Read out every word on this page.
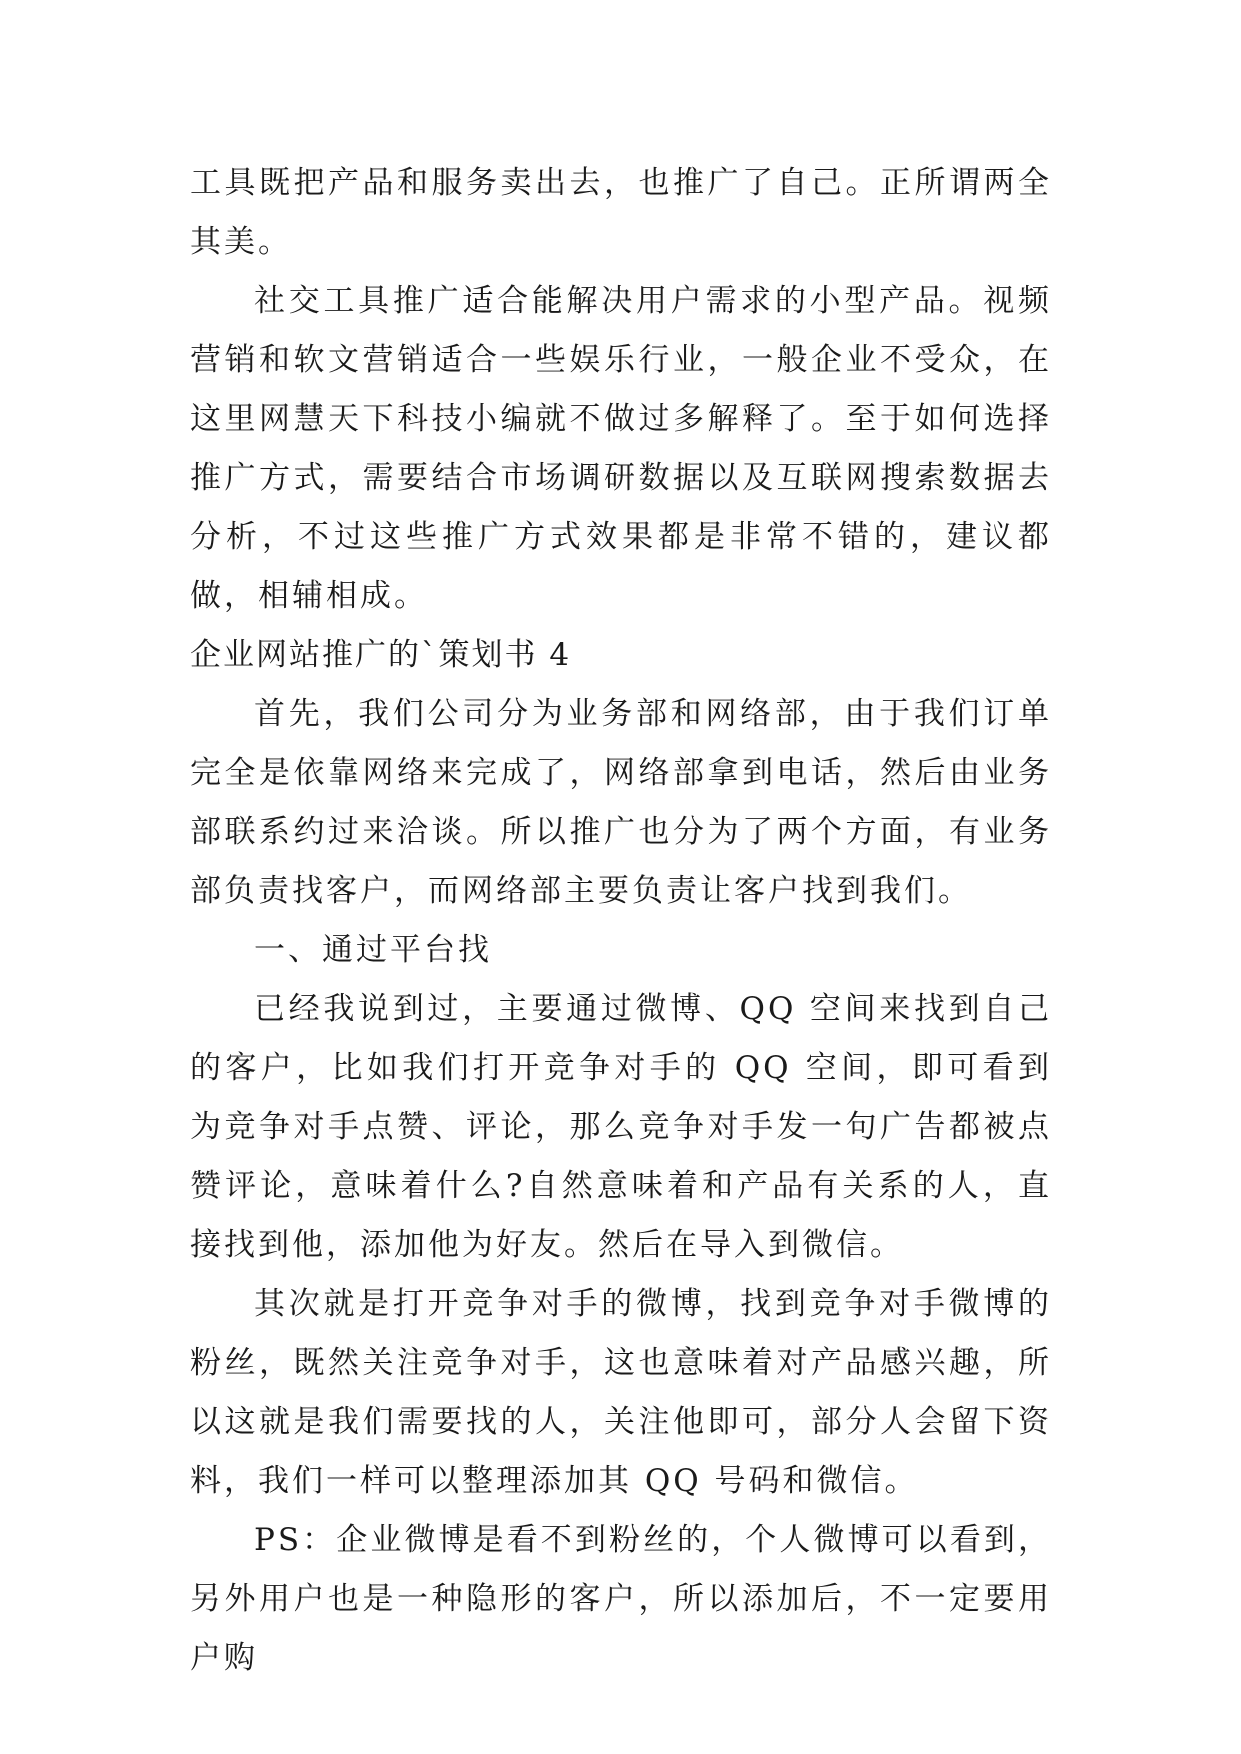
工具既把产品和服务卖出去，也推广了自己。正所谓两全其美。

社交工具推广适合能解决用户需求的小型产品。视频营销和软文营销适合一些娱乐行业，一般企业不受众，在这里网慧天下科技小编就不做过多解释了。至于如何选择推广方式，需要结合市场调研数据以及互联网搜索数据去分析，不过这些推广方式效果都是非常不错的，建议都做，相辅相成。

企业网站推广的`策划书 4

首先，我们公司分为业务部和网络部，由于我们订单完全是依靠网络来完成了，网络部拿到电话，然后由业务部联系约过来洽谈。所以推广也分为了两个方面，有业务部负责找客户，而网络部主要负责让客户找到我们。

一、通过平台找

已经我说到过，主要通过微博、QQ 空间来找到自己的客户，比如我们打开竞争对手的 QQ 空间，即可看到为竞争对手点赞、评论，那么竞争对手发一句广告都被点赞评论，意味着什么?自然意味着和产品有关系的人，直接找到他，添加他为好友。然后在导入到微信。

其次就是打开竞争对手的微博，找到竞争对手微博的粉丝，既然关注竞争对手，这也意味着对产品感兴趣，所以这就是我们需要找的人，关注他即可，部分人会留下资料，我们一样可以整理添加其 QQ 号码和微信。

PS：企业微博是看不到粉丝的，个人微博可以看到，另外用户也是一种隐形的客户，所以添加后，不一定要用户购
